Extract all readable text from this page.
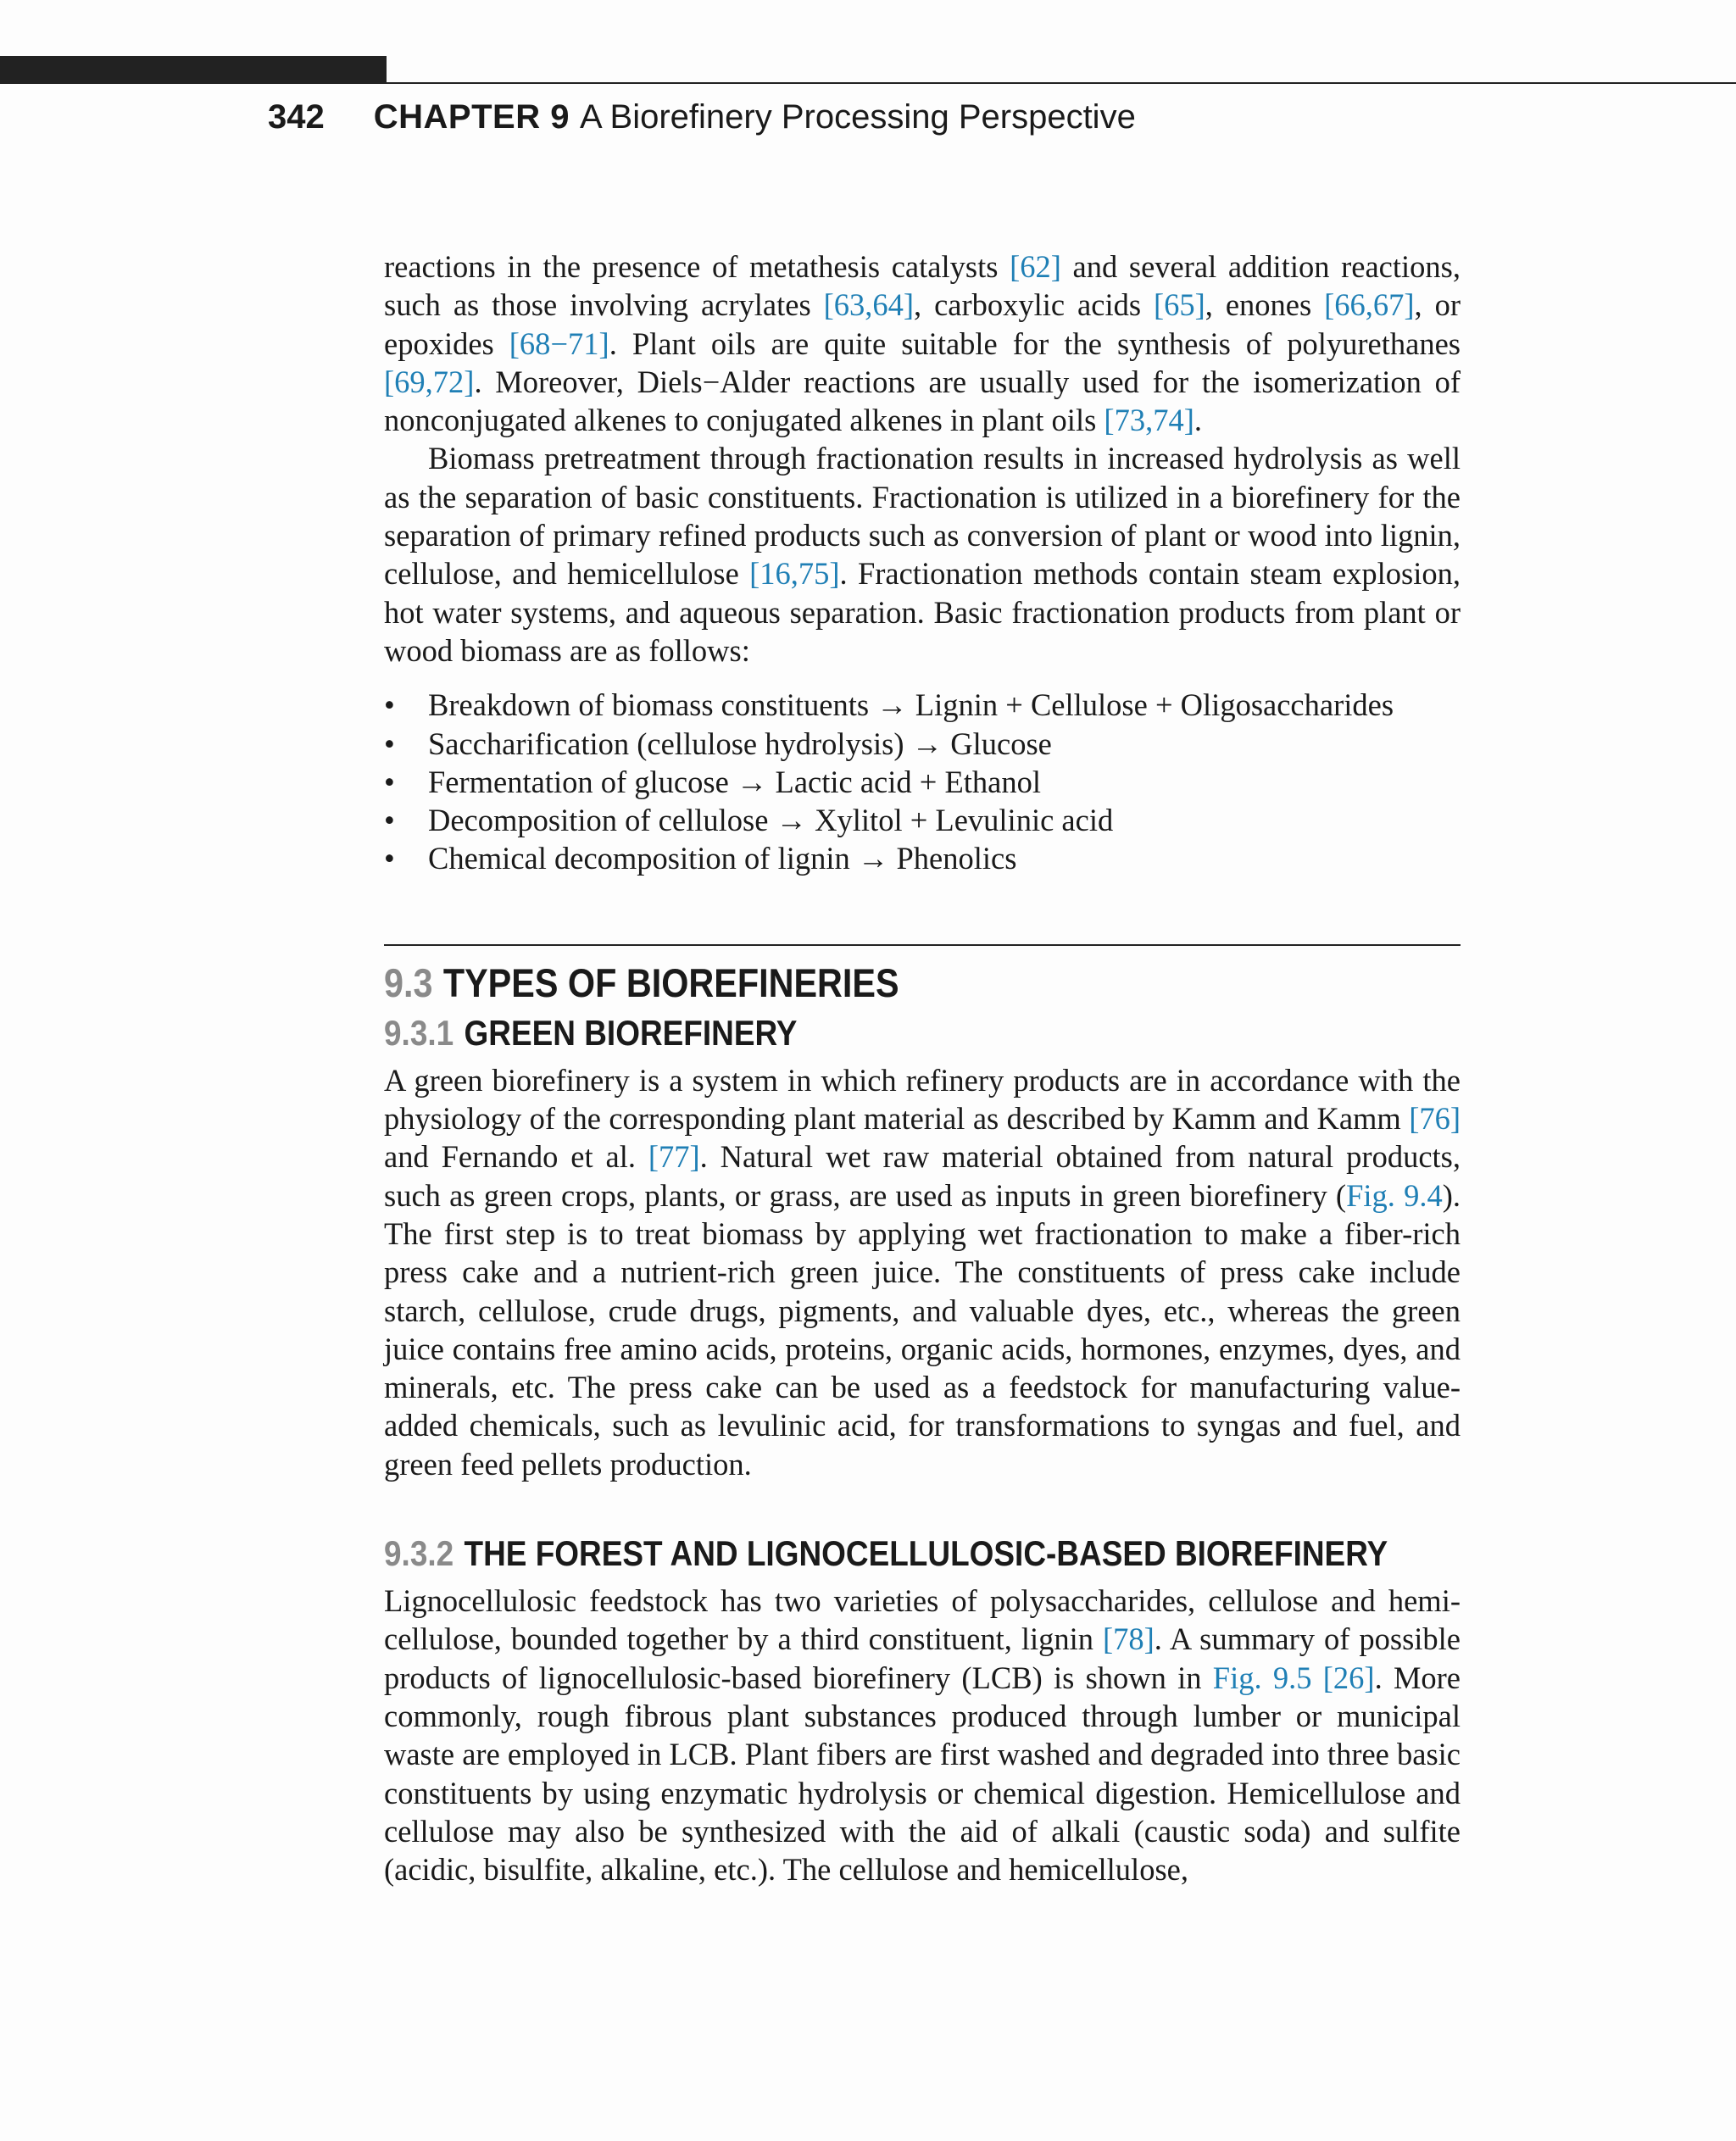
342 CHAPTER 9 A Biorefinery Processing Perspective

reactions in the presence of metathesis catalysts [62] and several addition reactions, such as those involving acrylates [63,64], carboxylic acids [65], enones [66,67], or epoxides [68−71]. Plant oils are quite suitable for the synthesis of polyurethanes [69,72]. Moreover, Diels−Alder reactions are usually used for the isomerization of nonconjugated alkenes to conjugated alkenes in plant oils [73,74].

Biomass pretreatment through fractionation results in increased hydrolysis as well as the separation of basic constituents. Fractionation is utilized in a biorefinery for the separation of primary refined products such as conversion of plant or wood into lignin, cellulose, and hemicellulose [16,75]. Fractionation methods contain steam explosion, hot water systems, and aqueous separation. Basic fractionation products from plant or wood biomass are as follows:

•	Breakdown of biomass constituents → Lignin + Cellulose + Oligosaccharides
•	Saccharification (cellulose hydrolysis) → Glucose
•	Fermentation of glucose → Lactic acid + Ethanol
•	Decomposition of cellulose → Xylitol + Levulinic acid
•	Chemical decomposition of lignin → Phenolics
9.3 TYPES OF BIOREFINERIES
9.3.1 GREEN BIOREFINERY

A green biorefinery is a system in which refinery products are in accordance with the physiology of the corresponding plant material as described by Kamm and Kamm [76] and Fernando et al. [77]. Natural wet raw material obtained from natural products, such as green crops, plants, or grass, are used as inputs in green biorefinery (Fig. 9.4). The first step is to treat biomass by applying wet fractionation to make a fiber-rich press cake and a nutrient-rich green juice. The constituents of press cake include starch, cellulose, crude drugs, pigments, and valuable dyes, etc., whereas the green juice contains free amino acids, proteins, organic acids, hormones, enzymes, dyes, and minerals, etc. The press cake can be used as a feedstock for manufacturing value-added chemicals, such as levulinic acid, for transformations to syngas and fuel, and green feed pellets production.

9.3.2 THE FOREST AND LIGNOCELLULOSIC-BASED BIOREFINERY

Lignocellulosic feedstock has two varieties of polysaccharides, cellulose and hemicellulose, bounded together by a third constituent, lignin [78]. A summary of possible products of lignocellulosic-based biorefinery (LCB) is shown in Fig. 9.5 [26]. More commonly, rough fibrous plant substances produced through lumber or municipal waste are employed in LCB. Plant fibers are first washed and degraded into three basic constituents by using enzymatic hydrolysis or chemical digestion. Hemicellulose and cellulose may also be synthesized with the aid of alkali (caustic soda) and sulfite (acidic, bisulfite, alkaline, etc.). The cellulose and hemicellulose,
